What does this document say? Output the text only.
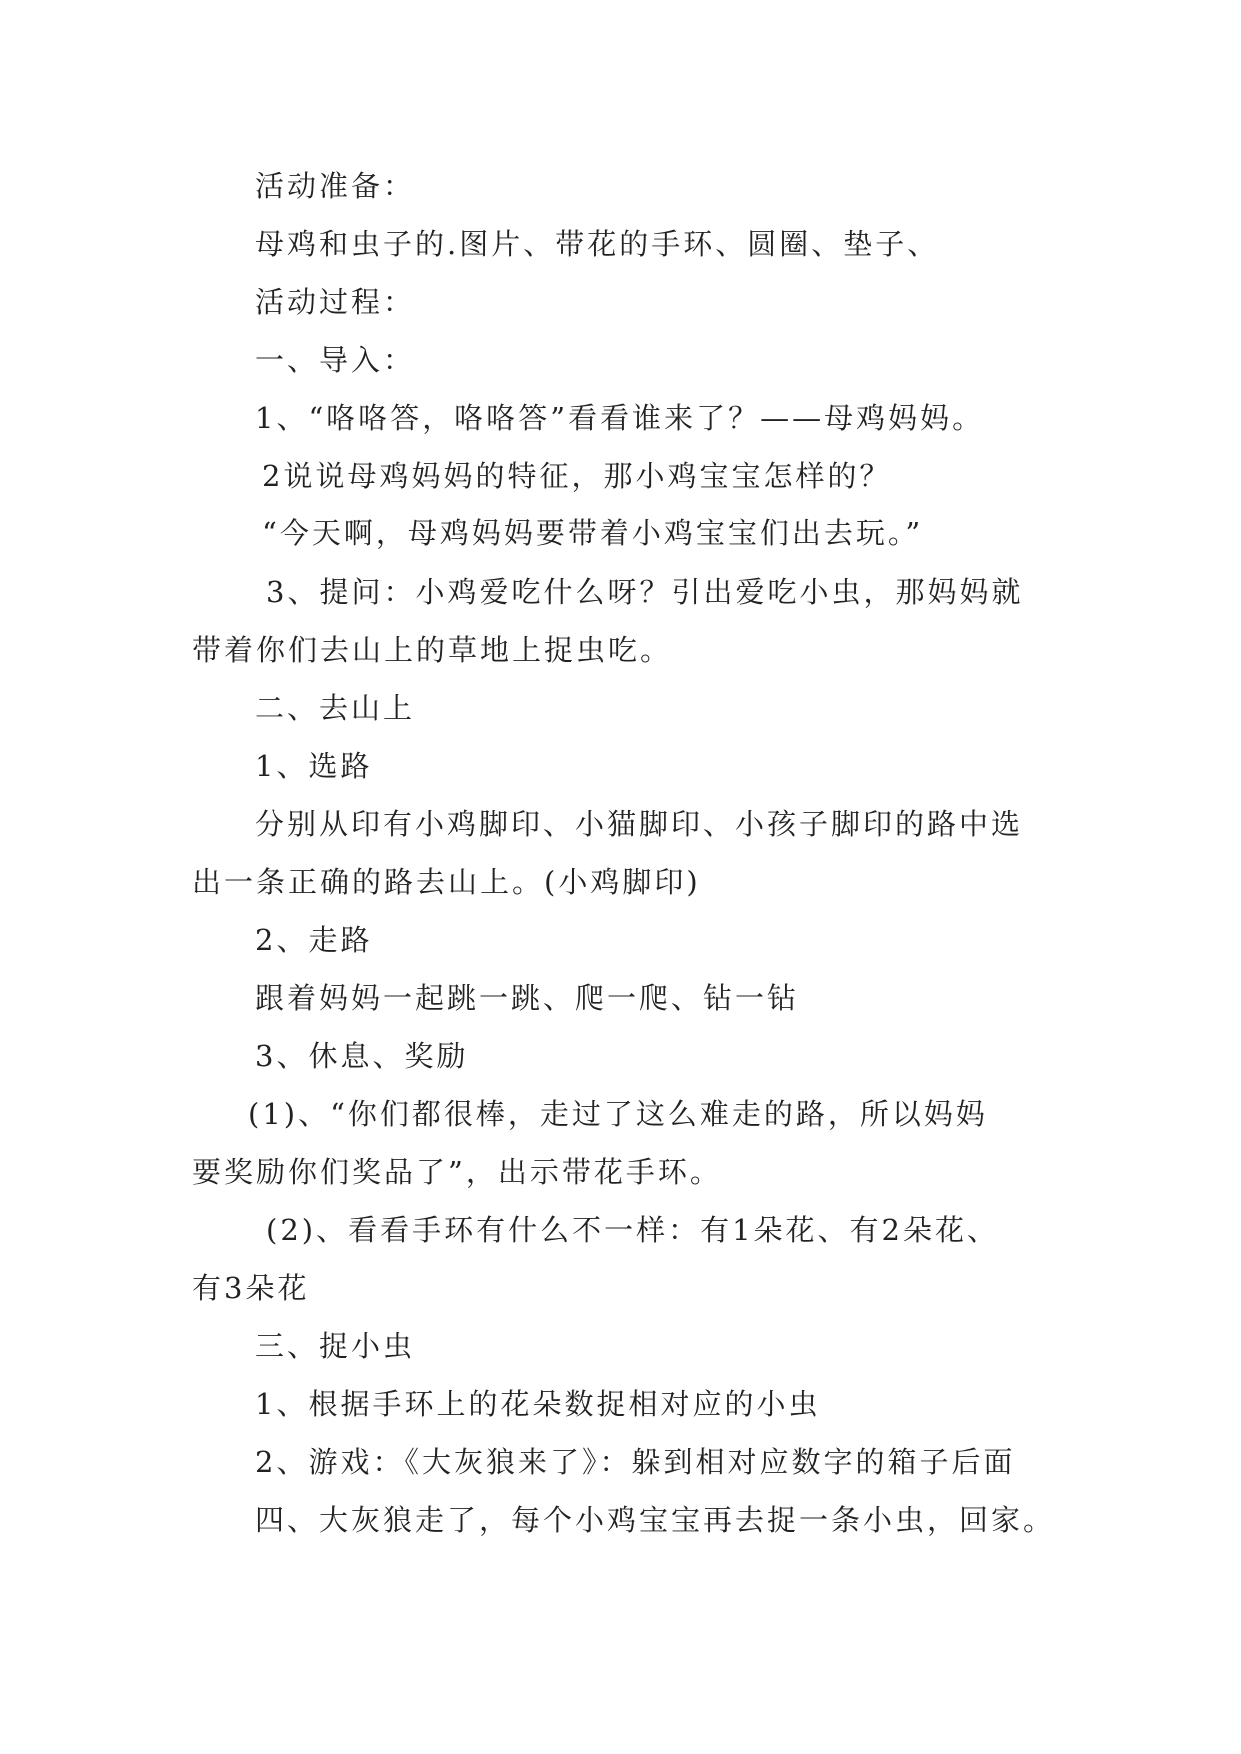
活动准备：
母鸡和虫子的.图片、带花的手环、圆圈、垫子、
活动过程：
一、导入：
1、“咯咯答，咯咯答”看看谁来了？——母鸡妈妈。
2说说母鸡妈妈的特征，那小鸡宝宝怎样的？
“今天啊，母鸡妈妈要带着小鸡宝宝们出去玩。”
3、提问：小鸡爱吃什么呀？引出爱吃小虫，那妈妈就
带着你们去山上的草地上捉虫吃。
二、去山上
1、选路
分别从印有小鸡脚印、小猫脚印、小孩子脚印的路中选
出一条正确的路去山上。(小鸡脚印)
2、走路
跟着妈妈一起跳一跳、爬一爬、钻一钻
3、休息、奖励
(1)、“你们都很棒，走过了这么难走的路，所以妈妈
要奖励你们奖品了”，出示带花手环。
(2)、看看手环有什么不一样：有1朵花、有2朵花、
有3朵花
三、捉小虫
1、根据手环上的花朵数捉相对应的小虫
2、游戏：《大灰狼来了》：躲到相对应数字的箱子后面
四、大灰狼走了，每个小鸡宝宝再去捉一条小虫，回家。
